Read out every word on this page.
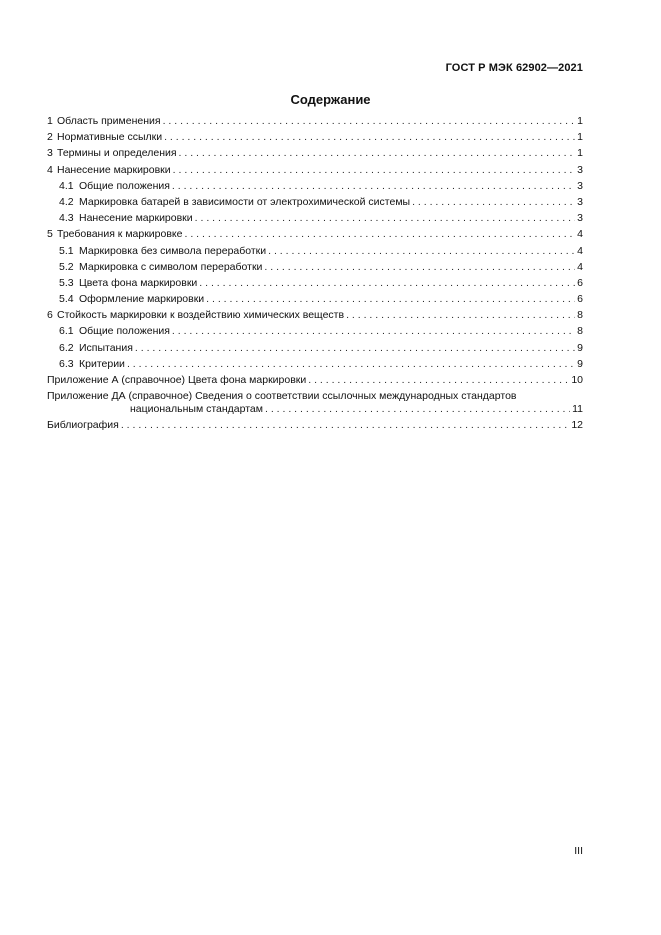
ГОСТ Р МЭК 62902—2021
Содержание
1 Область применения . . .	1
2 Нормативные ссылки . . .	1
3 Термины и определения . . .	1
4 Нанесение маркировки . . .	3
4.1 Общие положения . . .	3
4.2 Маркировка батарей в зависимости от электрохимической системы . . .	3
4.3 Нанесение маркировки . . .	3
5 Требования к маркировке . . .	4
5.1 Маркировка без символа переработки . . .	4
5.2 Маркировка с символом переработки . . .	4
5.3 Цвета фона маркировки . . .	6
5.4 Оформление маркировки . . .	6
6 Стойкость маркировки к воздействию химических веществ . . .	8
6.1 Общие положения . . .	8
6.2 Испытания . . .	9
6.3 Критерии . . .	9
Приложение А (справочное) Цвета фона маркировки . . .	10
Приложение ДА (справочное) Сведения о соответствии ссылочных международных стандартов
национальным стандартам . . .	11
Библиография . . .	12
III
